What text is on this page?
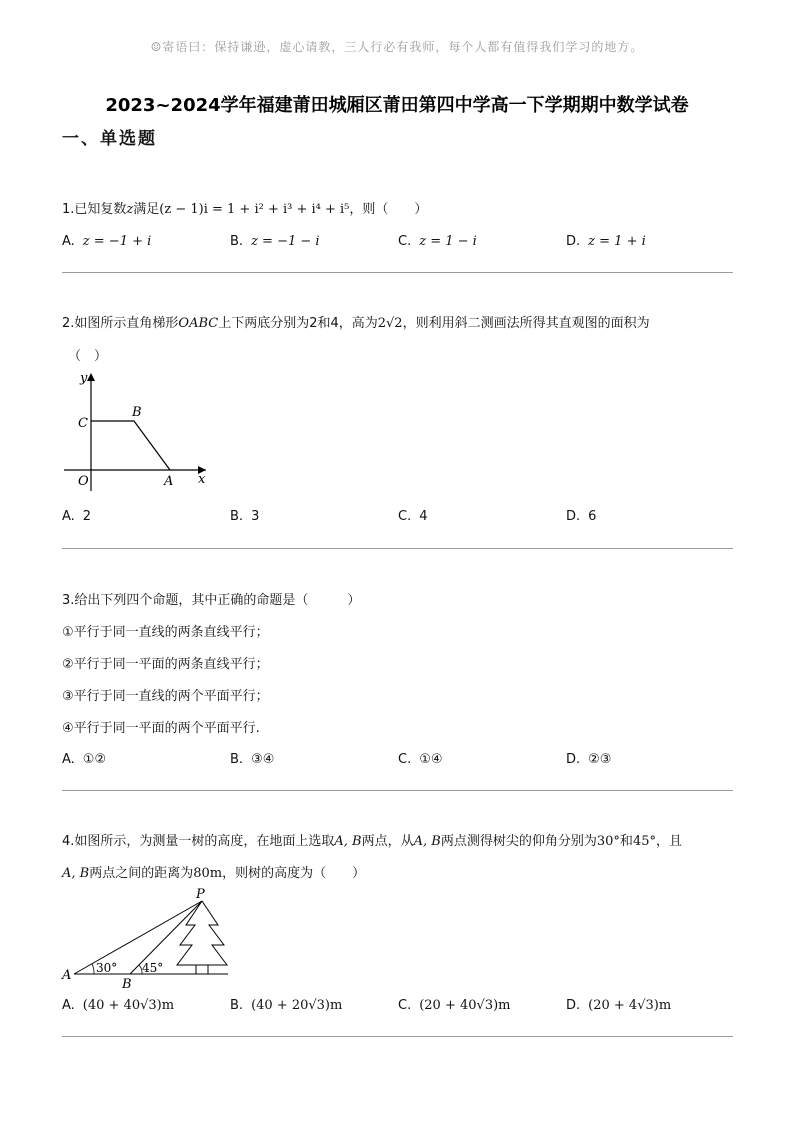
☺寄语曰：保持谦逊，虚心请教，三人行必有我师，每个人都有值得我们学习的地方。
2023~2024学年福建莆田城厢区莆田第四中学高一下学期期中数学试卷
一、单选题
1.已知复数z满足(z − 1)i = 1 + i² + i³ + i⁴ + i⁵，则（　　）
A. z = −1 + i	B. z = −1 − i	C. z = 1 − i	D. z = 1 + i
2.如图所示直角梯形OABC上下两底分别为2和4，高为2√2，则利用斜二测画法所得其直观图的面积为
（　）
y
C
B
O	A x
A. 2	B. 3	C. 4	D. 6
3.给出下列四个命题，其中正确的命题是（　　　）
①平行于同一直线的两条直线平行；
②平行于同一平面的两条直线平行；
③平行于同一直线的两个平面平行；
④平行于同一平面的两个平面平行.
A. ①②	B. ③④	C. ①④	D. ②③
4.如图所示，为测量一树的高度，在地面上选取A, B两点，从A, B两点测得树尖的仰角分别为30°和45°，且
A, B两点之间的距离为80m，则树的高度为（　　）
P
A
B
30° 45°
A. (40 + 40√3)m	B. (40 + 20√3)m	C. (20 + 40√3)m	D. (20 + 4√3)m
